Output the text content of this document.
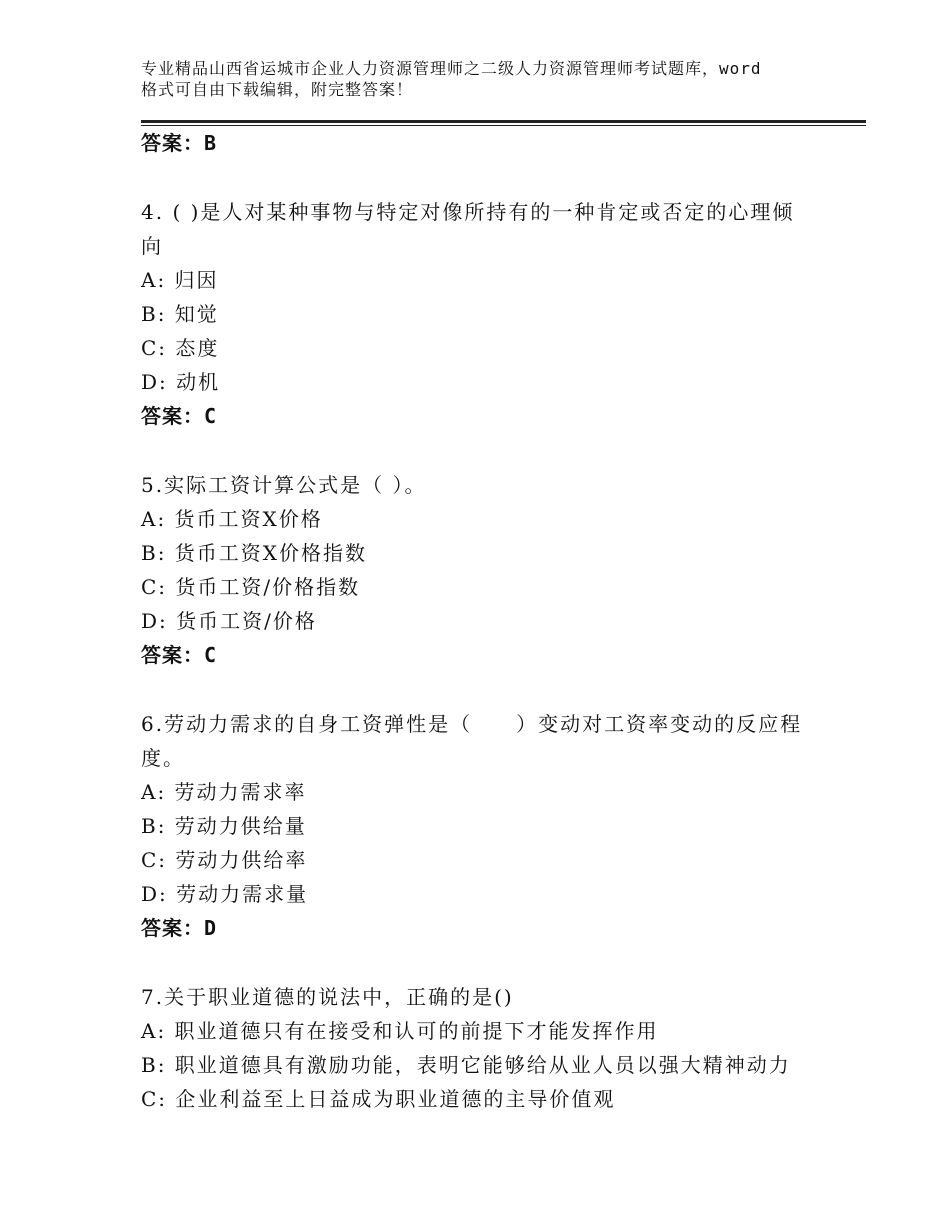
专业精品山西省运城市企业人力资源管理师之二级人力资源管理师考试题库，word
格式可自由下载编辑，附完整答案！
答案：B
4. ( )是人对某种事物与特定对像所持有的一种肯定或否定的心理倾
向
A: 归因
B: 知觉
C: 态度
D: 动机
答案：C
5.实际工资计算公式是（ ）。
A: 货币工资X价格
B: 货币工资X价格指数
C: 货币工资/价格指数
D: 货币工资/价格
答案：C
6.劳动力需求的自身工资弹性是（　　）变动对工资率变动的反应程
度。
A: 劳动力需求率
B: 劳动力供给量
C: 劳动力供给率
D: 劳动力需求量
答案：D
7.关于职业道德的说法中，正确的是()
A: 职业道德只有在接受和认可的前提下才能发挥作用
B: 职业道德具有激励功能，表明它能够给从业人员以强大精神动力
C: 企业利益至上日益成为职业道德的主导价值观
